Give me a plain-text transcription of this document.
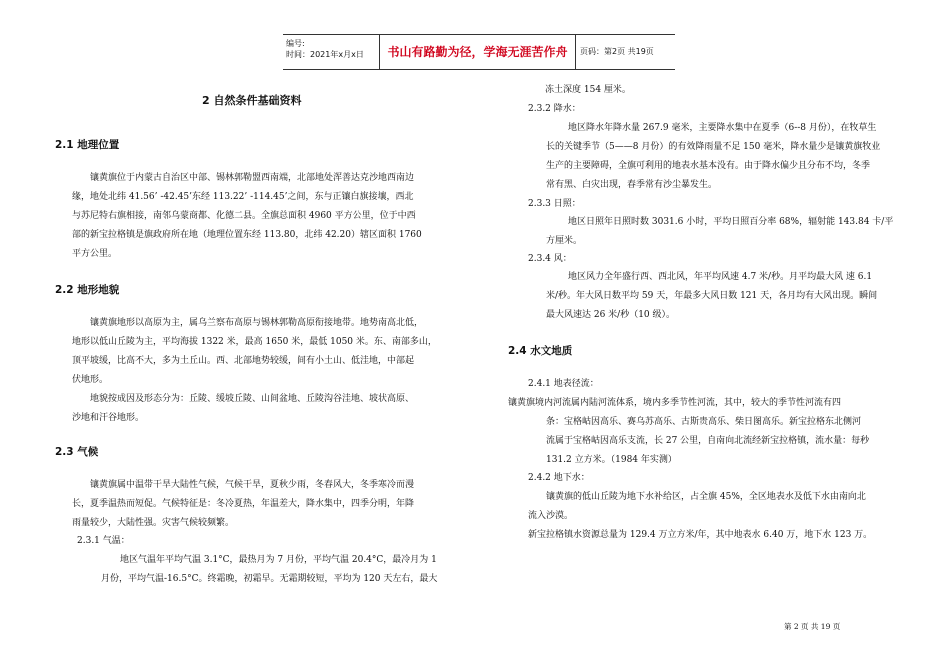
编号:
时间：2021年x月x日	书山有路勤为径，学海无涯苦作舟	页码：第2页 共19页
2 自然条件基础资料
2.1 地理位置
镶黄旗位于内蒙古自治区中部、锡林郭勒盟西南端，北部地处浑善达克沙地西南边
缘，地处北纬 41.56’ -42.45’东经 113.22’ -114.45’之间，东与正镶白旗接壤，西北
与苏尼特右旗相接，南邻乌蒙商都、化德二县。全旗总面积 4960 平方公里，位于中西
部的新宝拉格镇是旗政府所在地（地理位置东经 113.80，北纬 42.20）辖区面积 1760
平方公里。
2.2 地形地貌
镶黄旗地形以高原为主，属乌兰察布高原与锡林郭勒高原衔接地带。地势南高北低，
地形以低山丘陵为主，平均海拔 1322 米，最高 1650 米，最低 1050 米。东、南部多山，
顶平坡缓，比高不大，多为土丘山。西、北部地势较缓，间有小土山、低洼地，中部起
伏地形。
地貌按成因及形态分为：丘陵、缓坡丘陵、山间盆地、丘陵沟谷洼地、坡状高原、
沙地和汗谷地形。
2.3 气候
镶黄旗属中温带干旱大陆性气候，气候干旱，夏秋少雨，冬春风大，冬季寒冷而漫
长，夏季温热而短促。气候特征是：冬冷夏热，年温差大，降水集中，四季分明，年降
雨量较少，大陆性强。灾害气候较频繁。
2.3.1 气温：
地区气温年平均气温 3.1°C，最热月为 7 月份，平均气温 20.4°C，最冷月为 1
月份，平均气温-16.5°C。终霜晚，初霜早。无霜期较短，平均为 120 天左右，最大
冻土深度 154 厘米。
2.3.2 降水：
地区降水年降水量 267.9 毫米，主要降水集中在夏季（6--8 月份），在牧草生
长的关键季节（5——8 月份）的有效降雨量不足 150 毫米，降水量少是镶黄旗牧业
生产的主要障碍，全旗可利用的地表水基本没有。由于降水偏少且分布不均，冬季
常有黑、白灾出现，春季常有沙尘暴发生。
2.3.3 日照：
地区日照年日照时数 3031.6 小时，平均日照百分率 68%，辐射能 143.84 卡/平
方厘米。
2.3.4 风：
地区风力全年盛行西、西北风，年平均风速 4.7 米/秒。月平均最大风 速 6.1
米/秒。年大风日数平均 59 天，年最多大风日数 121 天，各月均有大风出现。瞬间
最大风速达 26 米/秒（10 级）。
2.4 水文地质
2.4.1 地表径流：
镶黄旗境内河流属内陆河流体系，境内多季节性河流，其中，较大的季节性河流有四
条：宝格岵因高乐、赛乌苏高乐、古斯贵高乐、柴日图高乐。新宝拉格东北侧河
流属于宝格岵因高乐支流，长 27 公里，自南向北流经新宝拉格镇，流水量：每秒
131.2 立方米。（1984 年实测）
2.4.2 地下水：
镶黄旗的低山丘陵为地下水补给区，占全旗 45%，全区地表水及低下水由南向北
流入沙漠。
新宝拉格镇水资源总量为 129.4 万立方米/年，其中地表水 6.40 万，地下水 123 万。
第 2 页 共 19 页
